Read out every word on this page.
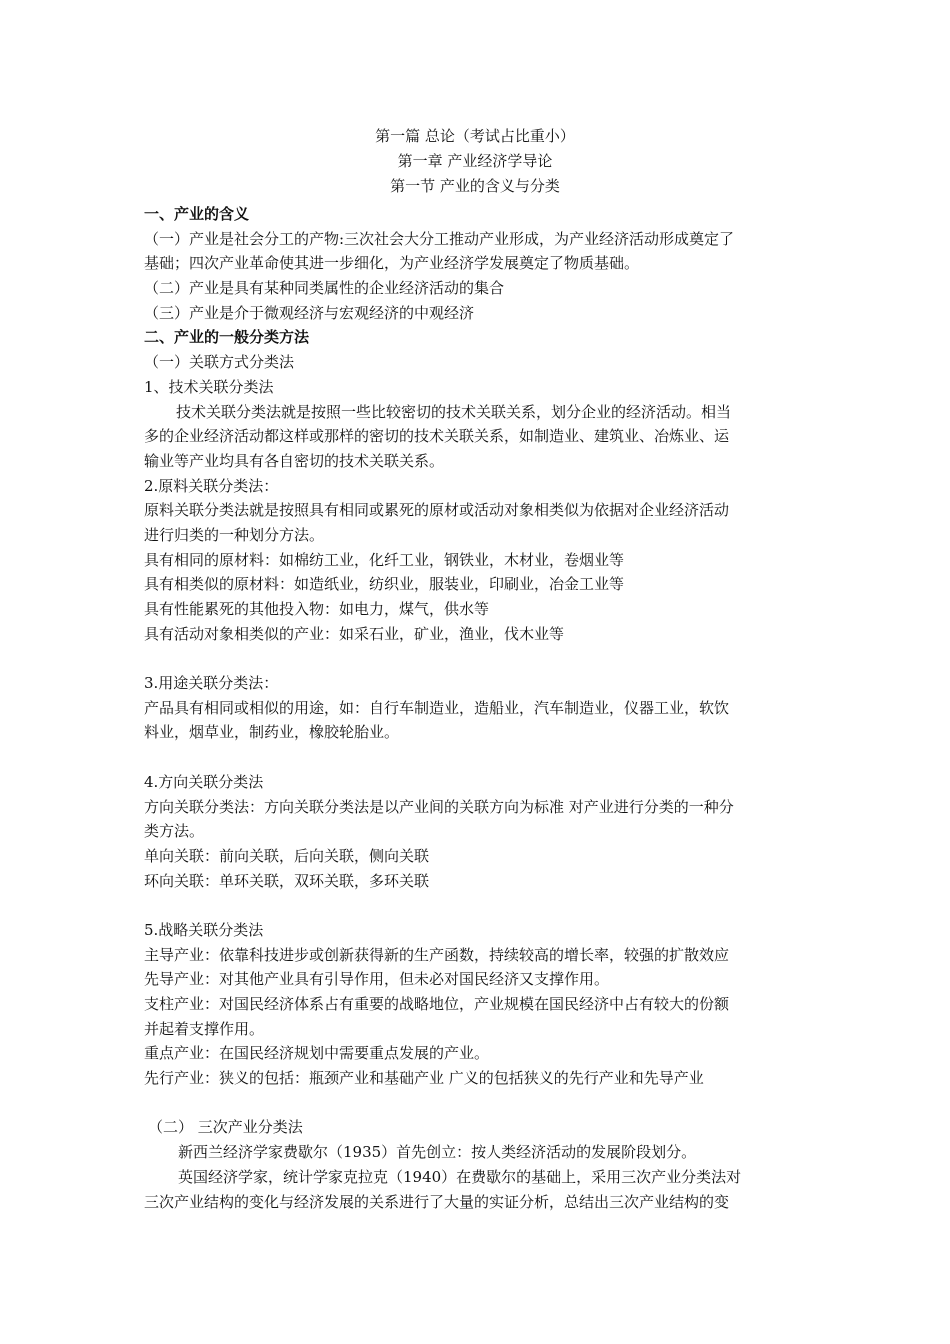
第一篇 总论（考试占比重小）
第一章 产业经济学导论
第一节 产业的含义与分类
一、产业的含义
（一）产业是社会分工的产物:三次社会大分工推动产业形成，为产业经济活动形成奠定了
基础；四次产业革命使其进一步细化，为产业经济学发展奠定了物质基础。
（二）产业是具有某种同类属性的企业经济活动的集合
（三）产业是介于微观经济与宏观经济的中观经济
二、产业的一般分类方法
（一）关联方式分类法
1、技术关联分类法
技术关联分类法就是按照一些比较密切的技术关联关系，划分企业的经济活动。相当
多的企业经济活动都这样或那样的密切的技术关联关系，如制造业、建筑业、冶炼业、运
输业等产业均具有各自密切的技术关联关系。
2.原料关联分类法：
原料关联分类法就是按照具有相同或累死的原材或活动对象相类似为依据对企业经济活动
进行归类的一种划分方法。
具有相同的原材料：如棉纺工业，化纤工业，钢铁业，木材业，卷烟业等
具有相类似的原材料：如造纸业，纺织业，服装业，印刷业，冶金工业等
具有性能累死的其他投入物：如电力，煤气，供水等
具有活动对象相类似的产业：如采石业，矿业，渔业，伐木业等
3.用途关联分类法：
产品具有相同或相似的用途，如：自行车制造业，造船业，汽车制造业，仪器工业，软饮
料业，烟草业，制药业，橡胶轮胎业。
4.方向关联分类法
方向关联分类法：方向关联分类法是以产业间的关联方向为标准 对产业进行分类的一种分
类方法。
单向关联：前向关联，后向关联，侧向关联
环向关联：单环关联，双环关联，多环关联
5.战略关联分类法
主导产业：依靠科技进步或创新获得新的生产函数，持续较高的增长率，较强的扩散效应
先导产业：对其他产业具有引导作用，但未必对国民经济又支撑作用。
支柱产业：对国民经济体系占有重要的战略地位，产业规模在国民经济中占有较大的份额
并起着支撑作用。
重点产业：在国民经济规划中需要重点发展的产业。
先行产业：狭义的包括：瓶颈产业和基础产业 广义的包括狭义的先行产业和先导产业
（二） 三次产业分类法
新西兰经济学家费歇尔（1935）首先创立：按人类经济活动的发展阶段划分。
英国经济学家，统计学家克拉克（1940）在费歇尔的基础上，采用三次产业分类法对
三次产业结构的变化与经济发展的关系进行了大量的实证分析，总结出三次产业结构的变
